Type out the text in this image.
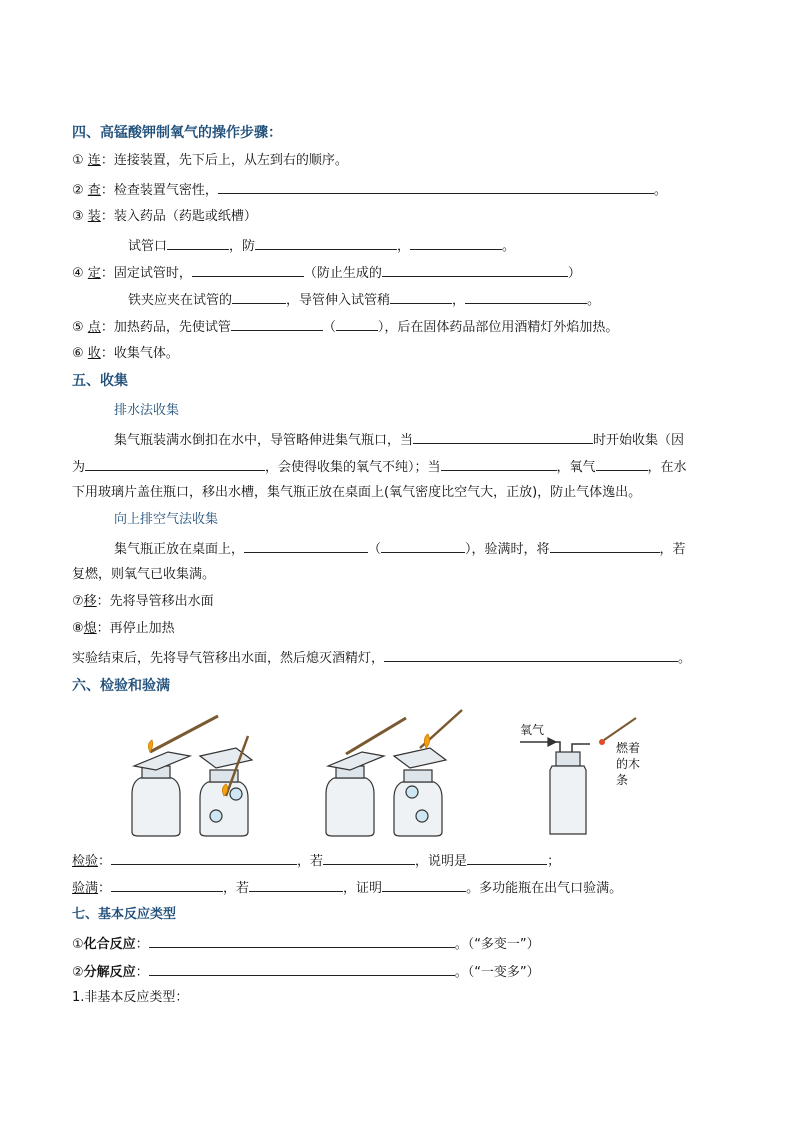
四、高锰酸钾制氧气的操作步骤：
① 连：连接装置，先下后上，从左到右的顺序。
② 查：检查装置气密性，	。
③ 装：装入药品（药匙或纸槽）
试管口	，防	，	。
④ 定：固定试管时，	（防止生成的	）
铁夹应夹在试管的	，导管伸入试管稍	，	。
⑤ 点：加热药品，先使试管	（	），后在固体药品部位用酒精灯外焰加热。
⑥ 收：收集气体。
五、收集
排水法收集
集气瓶装满水倒扣在水中，导管略伸进集气瓶口，当	时开始收集（因
为	，会使得收集的氧气不纯）；当	，氧气	，在水
下用玻璃片盖住瓶口，移出水槽，集气瓶正放在桌面上(氧气密度比空气大，正放)，防止气体逸出。
向上排空气法收集
集气瓶正放在桌面上，	（	），验满时，将	，若
复燃，则氧气已收集满。
⑦移：先将导管移出水面
⑧熄：再停止加热
实验结束后，先将导气管移出水面，然后熄灭酒精灯，	。
六、检验和验满
氧气
燃着
的木
条
检验：	，若	，说明是	；
验满：	，若	，证明	。多功能瓶在出气口验满。
七、基本反应类型
①化合反应：	。（“多变一”）
②分解反应：	。（“一变多”）
1.非基本反应类型：
